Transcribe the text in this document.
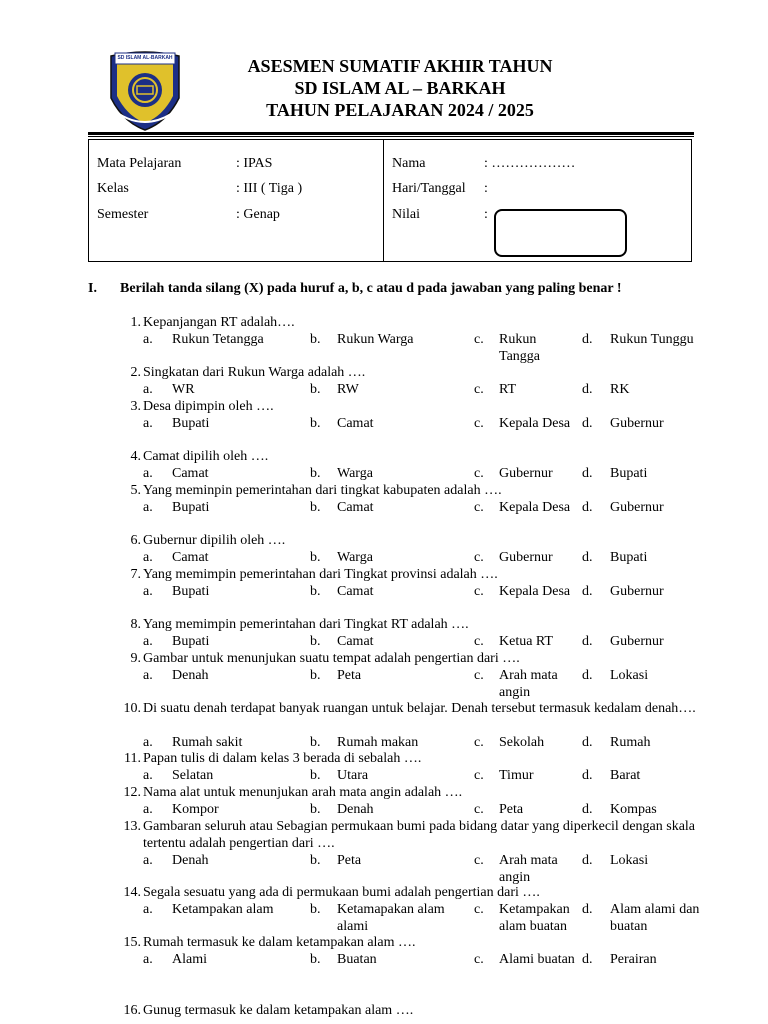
SD ISLAM AL-BARKAH	ASESMEN SUMATIF AKHIR TAHUN
SD ISLAM AL – BARKAH
TAHUN PELAJARAN 2024 / 2025
Mata Pelajaran	: IPAS
Kelas	: III ( Tiga )
Semester	: Genap
Nama	: ………………
Hari/Tanggal :
Nilai	:
I. Berilah tanda silang (X) pada huruf a, b, c atau d pada jawaban yang paling benar !
1. Kepanjangan RT adalah….
a. Rukun Tetangga	b. Rukun Warga	c. Rukun Tangga
d. Rukun Tunggu
2. Singkatan dari Rukun Warga adalah ….
a. WR	b. RW	c. RT	d. RK
3. Desa dipimpin oleh ….
a. Bupati	b. Camat	c. Kepala Desa d. Gubernur
4. Camat dipilih oleh ….
a. Camat	b. Warga	c. Gubernur	d. Bupati
5. Yang meminpin pemerintahan dari tingkat kabupaten adalah ….
a. Bupati	b. Camat	c. Kepala Desa d. Gubernur
6. Gubernur dipilih oleh ….
a. Camat	b. Warga	c. Gubernur	d. Bupati
7. Yang memimpin pemerintahan dari Tingkat provinsi adalah ….
a. Bupati	b. Camat	c. Kepala Desa d. Gubernur
8. Yang memimpin pemerintahan dari Tingkat RT adalah ….
a. Bupati	b. Camat	c. Ketua RT	d. Gubernur
9. Gambar untuk menunjukan suatu tempat adalah pengertian dari ….
a. Denah	b. Peta	c. Arah mata angin
d. Lokasi
10. Di suatu denah terdapat banyak ruangan untuk belajar. Denah tersebut termasuk kedalam denah….
a. Rumah sakit	b. Rumah makan	c. Sekolah	d. Rumah
11. Papan tulis di dalam kelas 3 berada di sebalah ….
a. Selatan	b. Utara	c. Timur	d. Barat
12. Nama alat untuk menunjukan arah mata angin adalah ….
a. Kompor	b. Denah	c. Peta	d. Kompas
13. Gambaran seluruh atau Sebagian permukaan bumi pada bidang datar yang diperkecil dengan skala tertentu adalah pengertian dari ….
a. Denah	b. Peta	c. Arah mata angin
d. Lokasi
14. Segala sesuatu yang ada di permukaan bumi adalah pengertian dari ….
a. Ketampakan alam	b. Ketamapakan alam alami
c. Ketampakan alam buatan
d. Alam alami dan buatan
15. Rumah termasuk ke dalam ketampakan alam ….
a. Alami	b. Buatan	c. Alami buatan d. Perairan
16. Gunug termasuk ke dalam ketampakan alam ….
